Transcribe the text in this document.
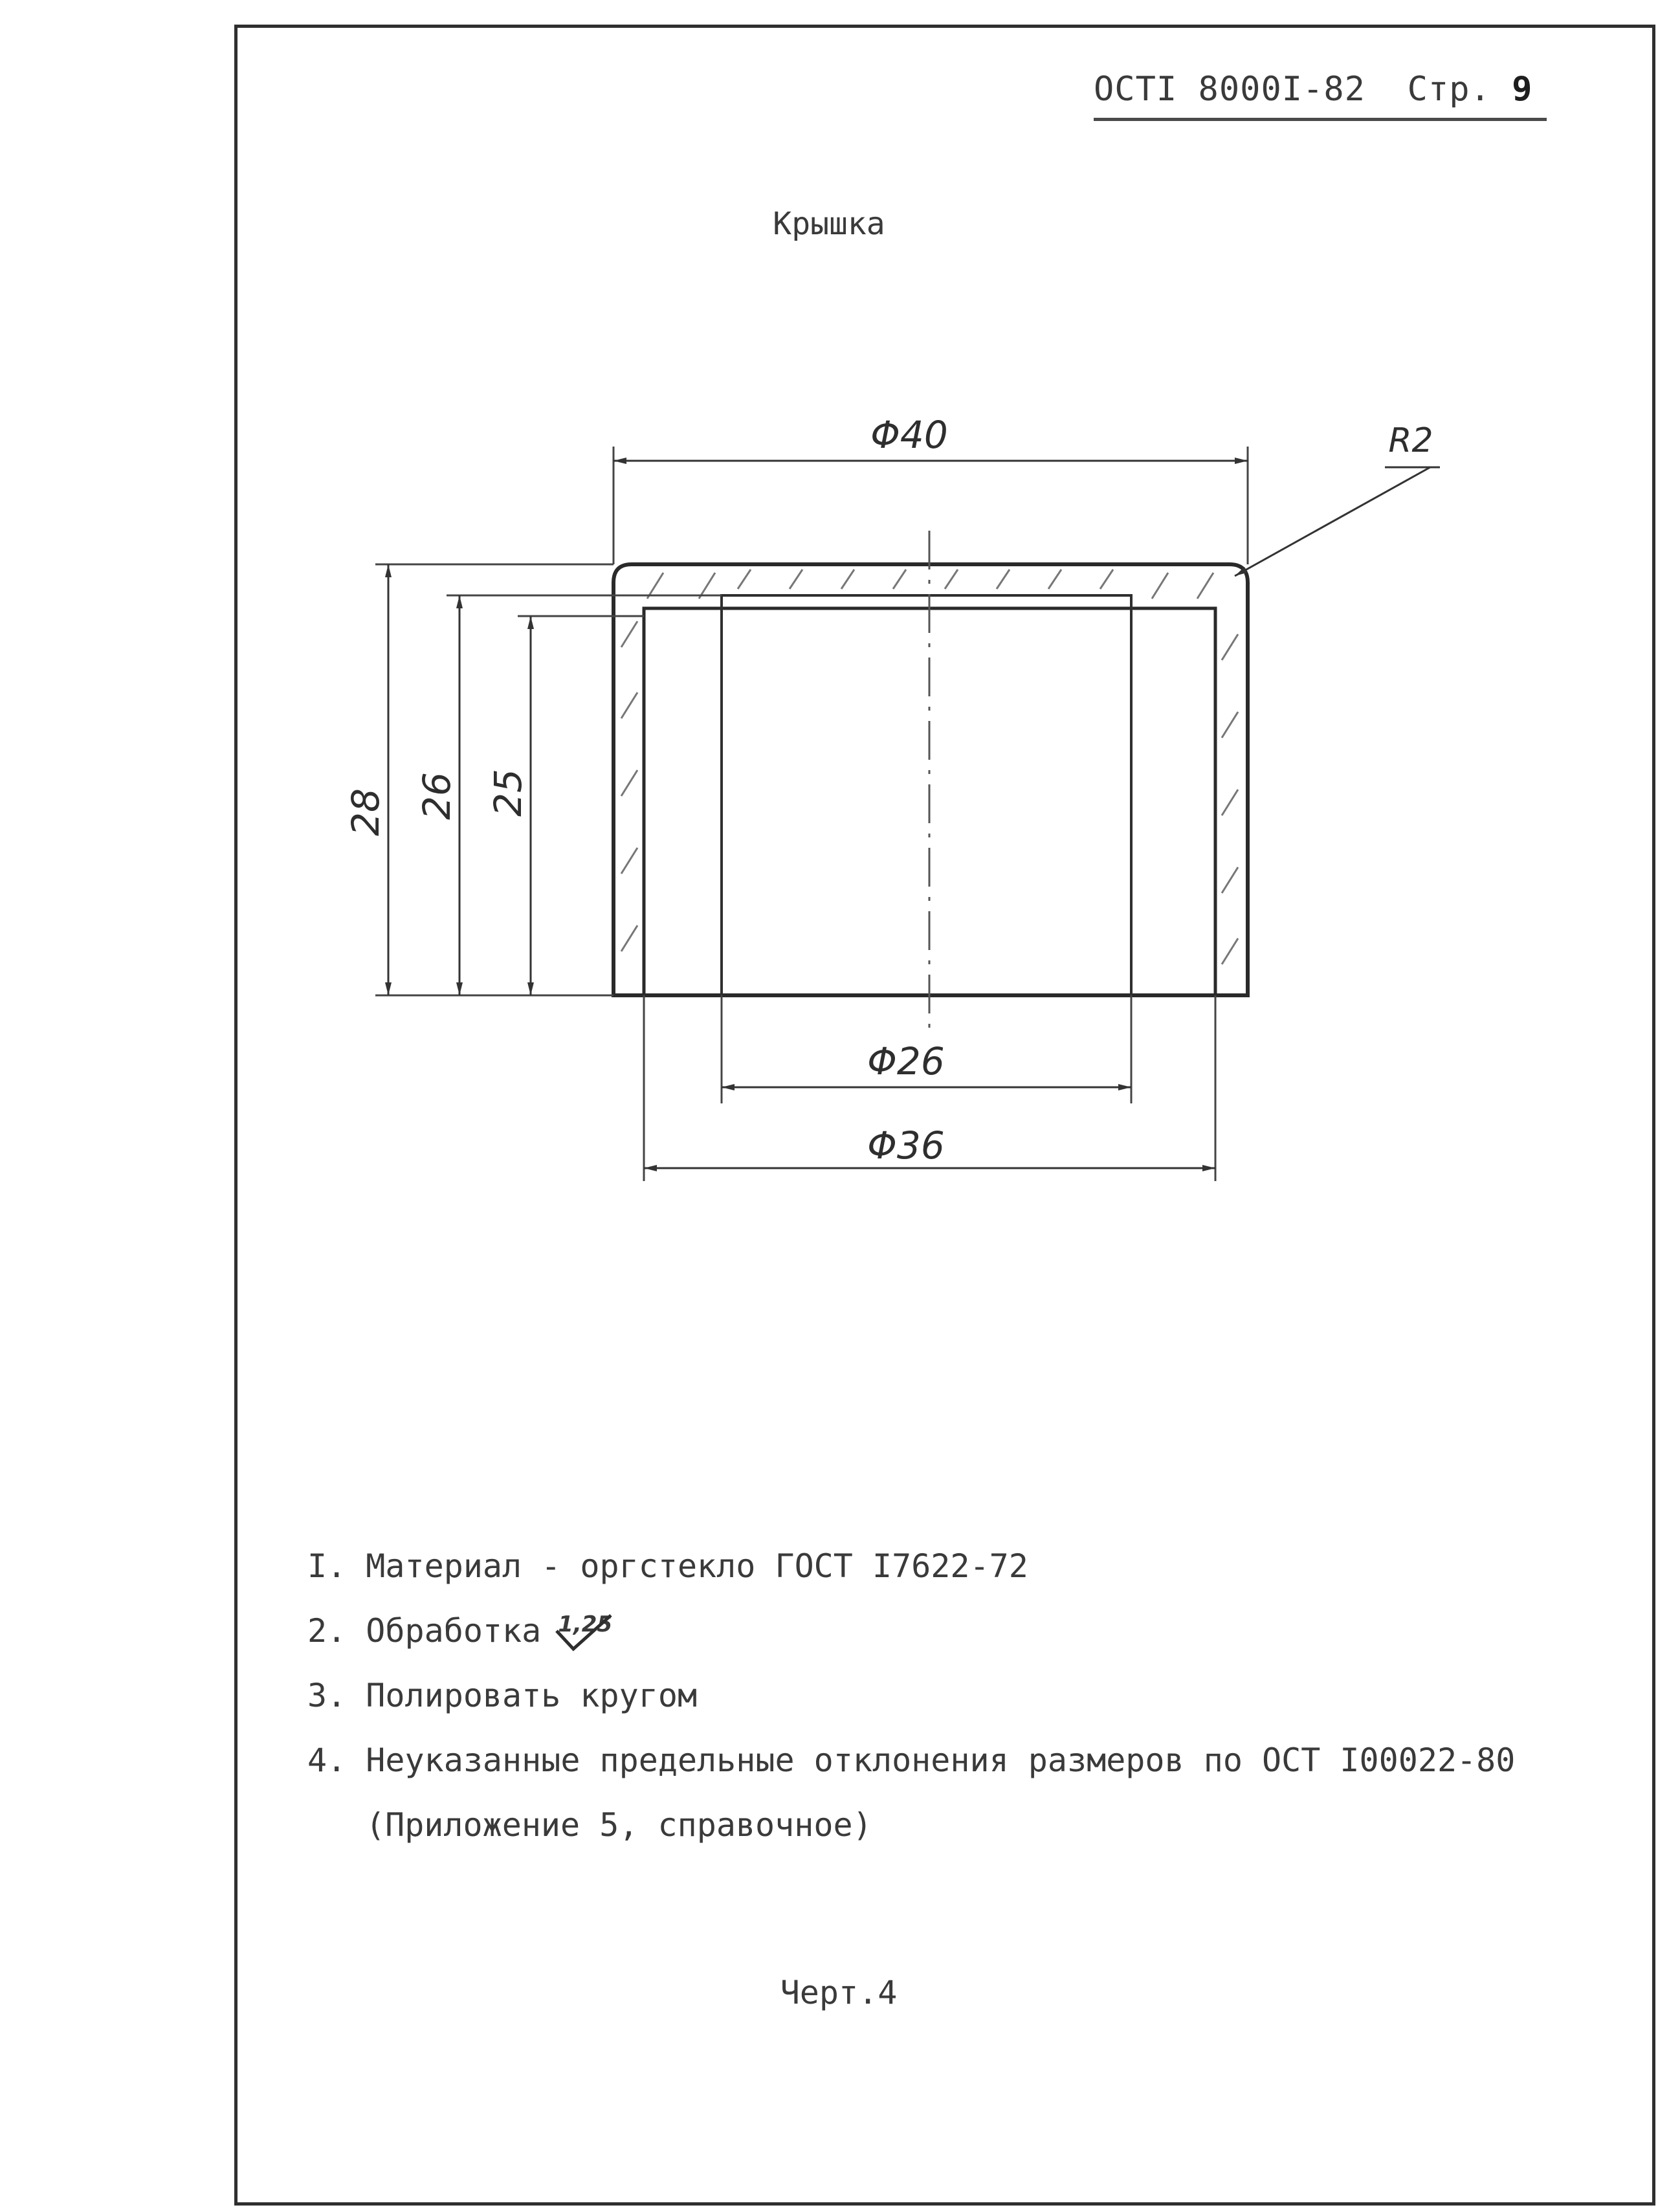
ОСТI 8000I-82 Стр. 9
Крышка
Φ40	R2
28 26 25
Φ26
Φ36
I. Материал - оргстекло ГОСТ I7622-72
2. Обработка 1,25
3. Полировать кругом
4. Неуказанные предельные отклонения размеров по ОСТ I00022-80
(Приложение 5, справочное)
Черт.4
